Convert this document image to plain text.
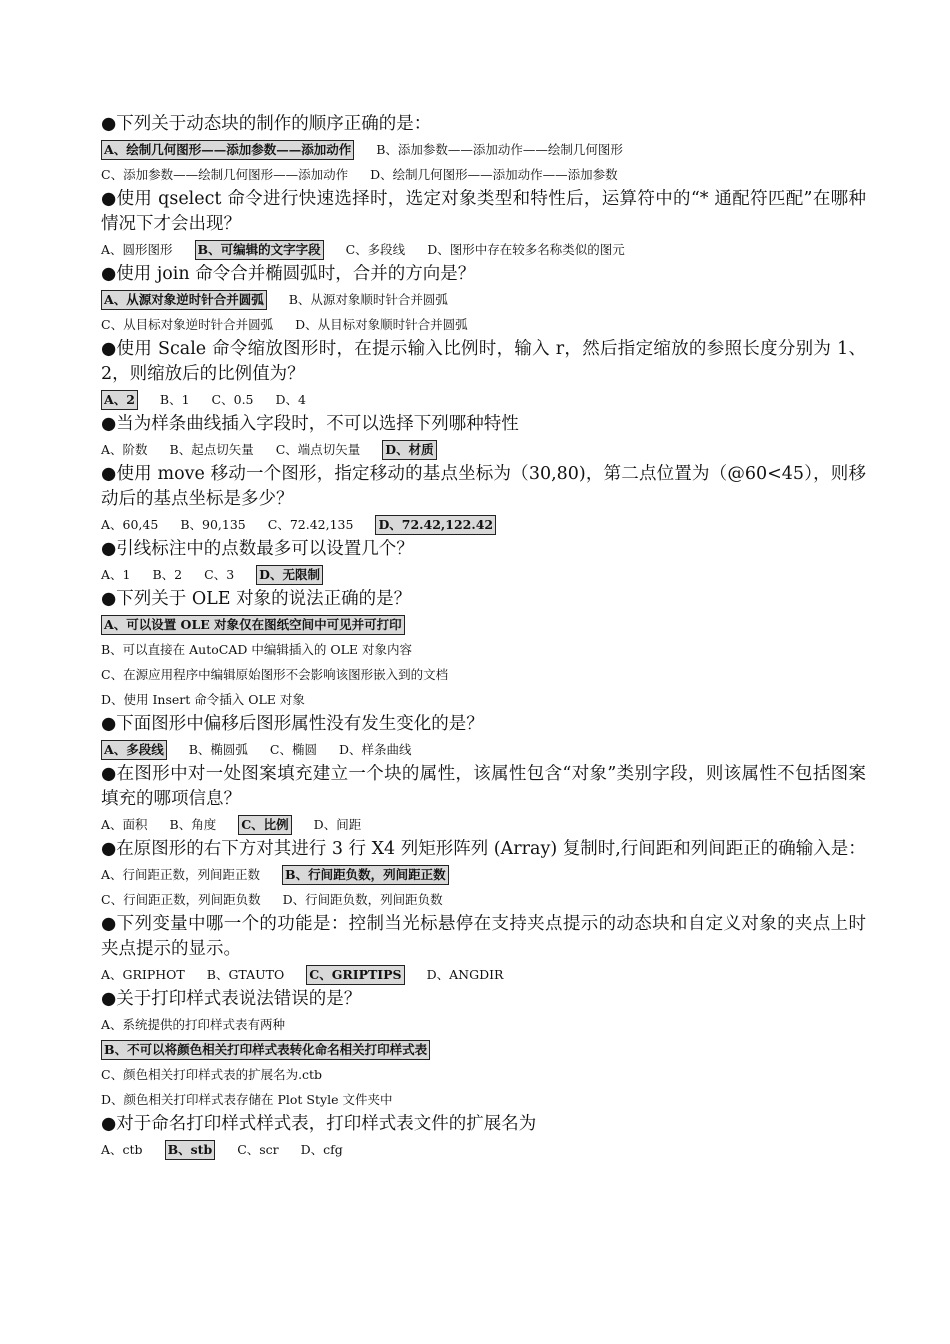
●下列关于动态块的制作的顺序正确的是：

A、绘制几何图形——添加参数——添加动作 B、添加参数——添加动作——绘制几何图形
C、添加参数——绘制几何图形——添加动作 D、绘制几何图形——添加动作——添加参数

●使用 qselect 命令进行快速选择时，选定对象类型和特性后，运算符中的“* 通配符匹配”在哪种情况下才会出现？

A、圆形图形 B、可编辑的文字字段 C、多段线 D、图形中存在较多名称类似的图元

●使用 join 命令合并椭圆弧时，合并的方向是？

A、从源对象逆时针合并圆弧 B、从源对象顺时针合并圆弧
C、从目标对象逆时针合并圆弧 D、从目标对象顺时针合并圆弧

●使用 Scale 命令缩放图形时，在提示输入比例时，输入 r，然后指定缩放的参照长度分别为 1、2，则缩放后的比例值为？

A、2 B、1 C、0.5 D、4

●当为样条曲线插入字段时，不可以选择下列哪种特性

A、阶数 B、起点切矢量 C、端点切矢量 D、材质

●使用 move 移动一个图形，指定移动的基点坐标为（30,80)，第二点位置为（@60<45），则移动后的基点坐标是多少？

A、60,45 B、90,135 C、72.42,135 D、72.42,122.42

●引线标注中的点数最多可以设置几个？

A、1 B、2 C、3 D、无限制

●下列关于 OLE 对象的说法正确的是？

A、可以设置 OLE 对象仅在图纸空间中可见并可打印
B、可以直接在 AutoCAD 中编辑插入的 OLE 对象内容
C、在源应用程序中编辑原始图形不会影响该图形嵌入到的文档
D、使用 Insert 命令插入 OLE 对象

●下面图形中偏移后图形属性没有发生变化的是？

A、多段线 B、椭圆弧 C、椭圆 D、样条曲线

●在图形中对一处图案填充建立一个块的属性，该属性包含“对象”类别字段，则该属性不包括图案填充的哪项信息？

A、面积 B、角度 C、比例 D、间距

●在原图形的右下方对其进行 3 行 X4 列矩形阵列 (Array) 复制时,行间距和列间距正的确输入是：

A、行间距正数，列间距正数 B、行间距负数，列间距正数
C、行间距正数，列间距负数 D、行间距负数，列间距负数

●下列变量中哪一个的功能是：控制当光标悬停在支持夹点提示的动态块和自定义对象的夹点上时夹点提示的显示。

A、GRIPHOT B、GTAUTO C、GRIPTIPS D、ANGDIR

●关于打印样式表说法错误的是？

A、系统提供的打印样式表有两种
B、不可以将颜色相关打印样式表转化命名相关打印样式表
C、颜色相关打印样式表的扩展名为.ctb
D、颜色相关打印样式表存储在 Plot Style 文件夹中

●对于命名打印样式样式表，打印样式表文件的扩展名为

A、ctb B、stb C、scr D、cfg
